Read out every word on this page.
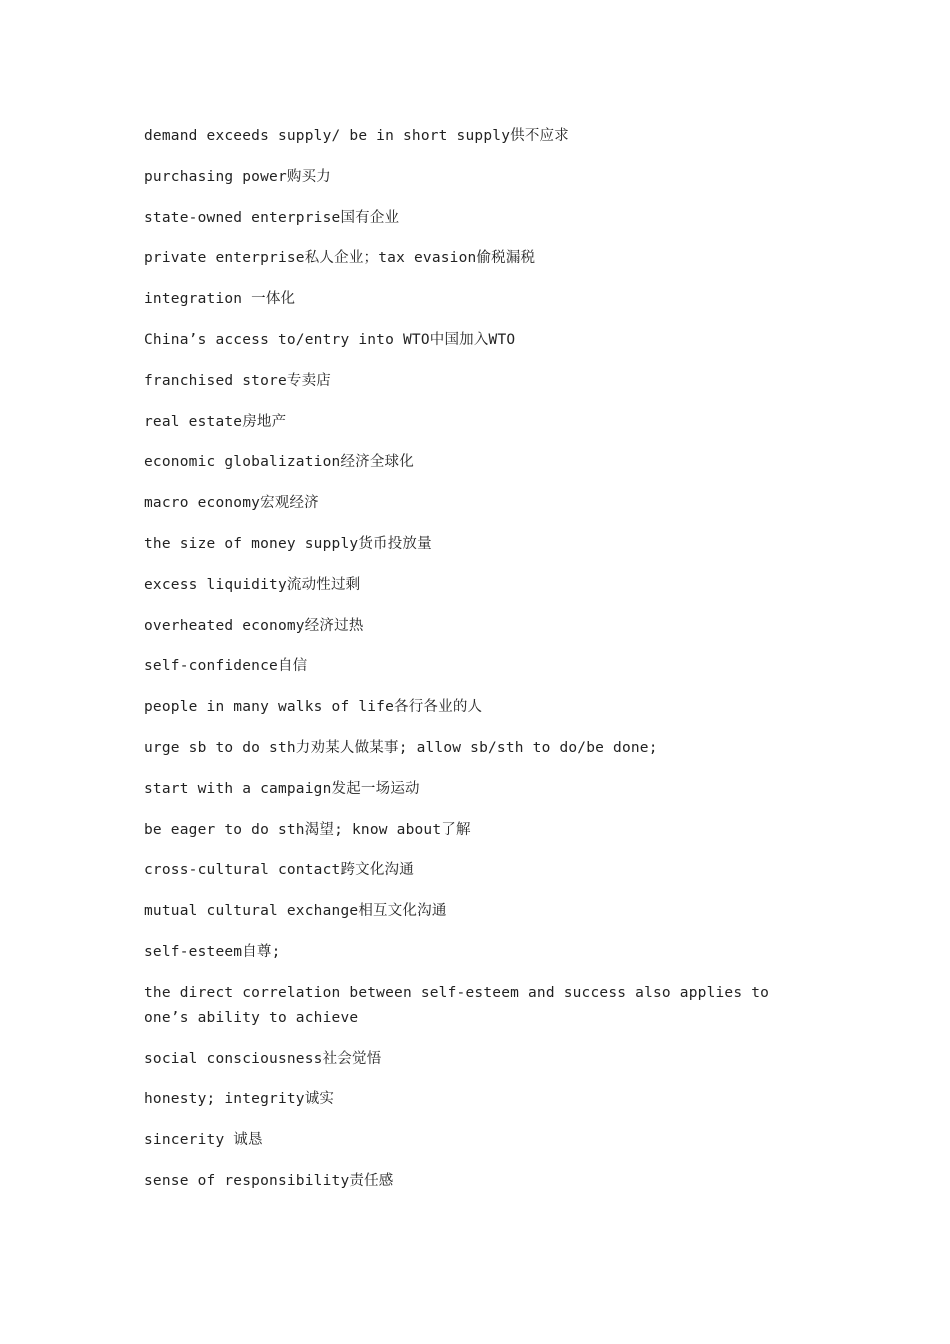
demand exceeds supply/ be in short supply供不应求
purchasing power购买力
state-owned enterprise国有企业
private enterprise私人企业；tax evasion偷税漏税
integration 一体化
China’s access to/entry into WTO中国加入WTO
franchised store专卖店
real estate房地产
economic globalization经济全球化
macro economy宏观经济
the size of money supply货币投放量
excess liquidity流动性过剩
overheated economy经济过热
self-confidence自信
people in many walks of life各行各业的人
urge sb to do sth力劝某人做某事; allow sb/sth to do/be done;
start with a campaign发起一场运动
be eager to do sth渴望; know about了解
cross-cultural contact跨文化沟通
mutual cultural exchange相互文化沟通
self-esteem自尊;
the direct correlation between self-esteem and success also applies to one’s ability to achieve
social consciousness社会觉悟
honesty; integrity诚实
sincerity 诚恳
sense of responsibility责任感
